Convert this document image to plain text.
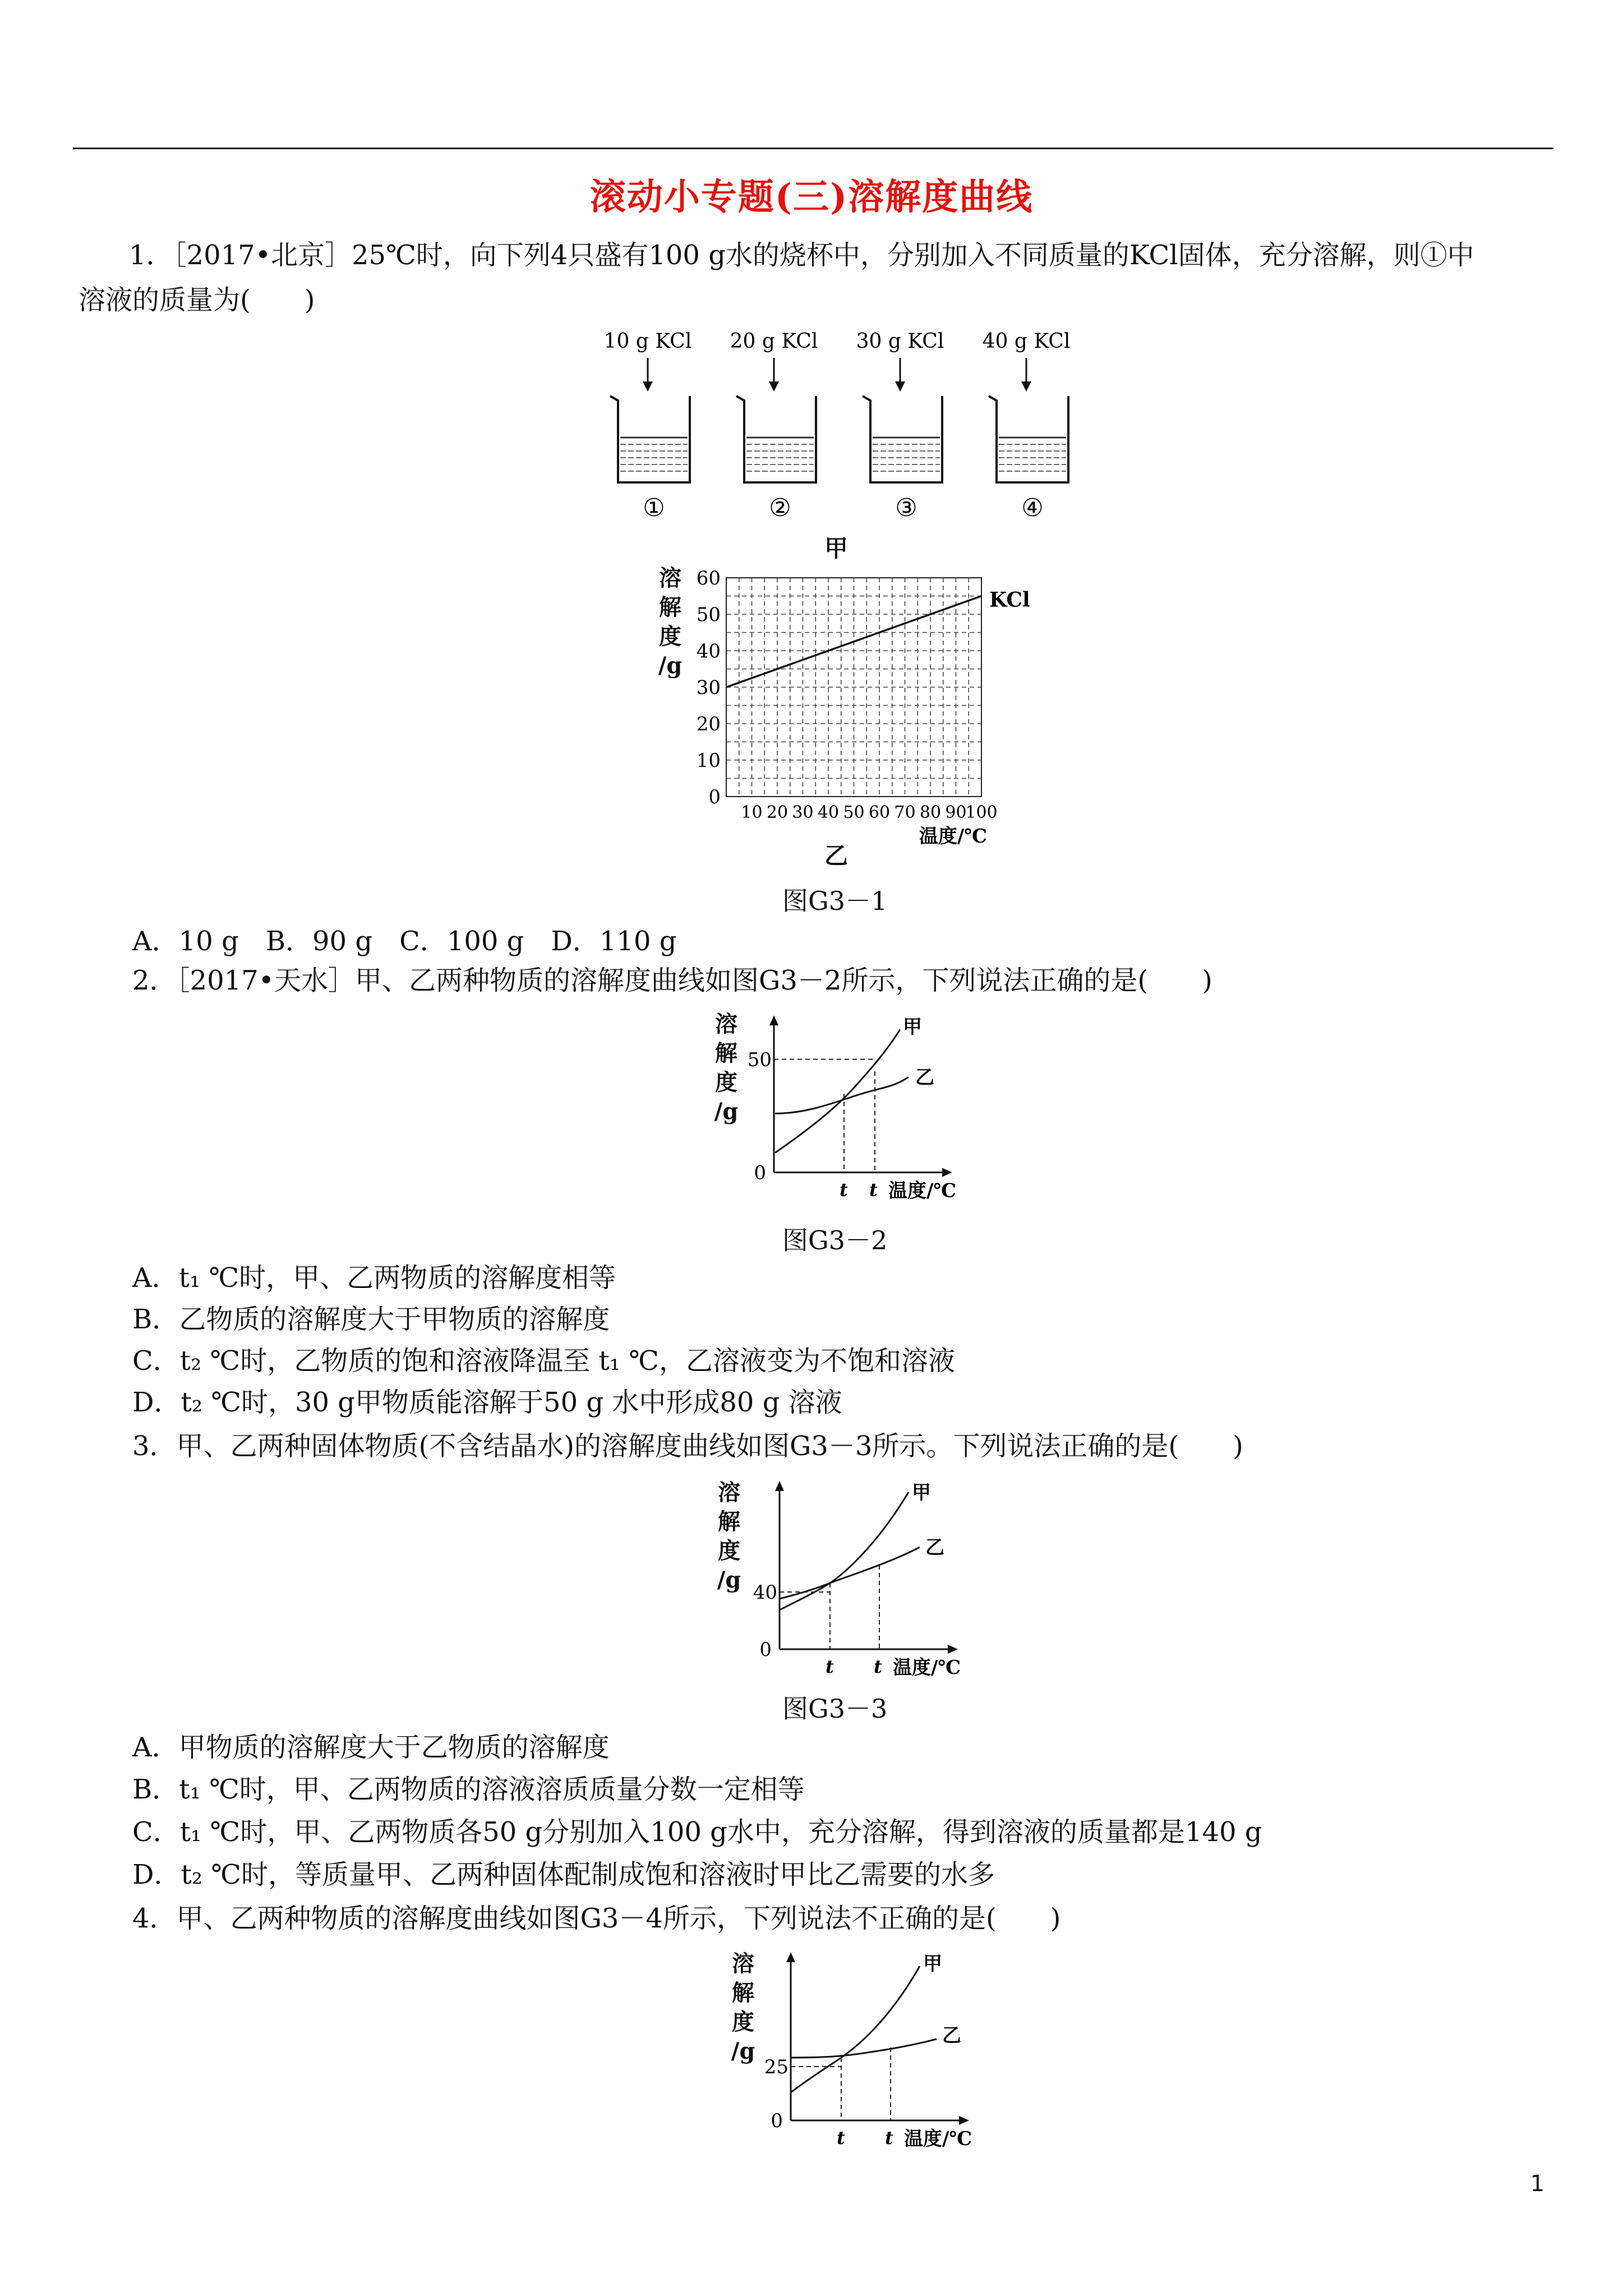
滚动小专题(三)溶解度曲线
1．［2017•北京］25℃时，向下列4只盛有100 g水的烧杯中，分别加入不同质量的KCl固体，充分溶解，则①中
溶液的质量为(　　)
10 g KCl
①
20 g KCl
②
30 g KCl
③
40 g KCl
④
甲
溶
解
度
/g
0
10
20
30
40
50
60
10 20 30 40 50 60 70 80 90
100
KCl
温度/℃
乙
图G3－1
A．10 g　B．90 g　C．100 g　D．110 g
2．［2017•天水］甲、乙两种物质的溶解度曲线如图G3－2所示，下列说法正确的是(　　)
溶
解
度
/g
0
50
t t 温度/℃
甲
乙
图G3－2
A．t₁ ℃时，甲、乙两物质的溶解度相等
B．乙物质的溶解度大于甲物质的溶解度
C．t₂ ℃时，乙物质的饱和溶液降温至 t₁ ℃，乙溶液变为不饱和溶液
D．t₂ ℃时，30 g甲物质能溶解于50 g 水中形成80 g 溶液
3．甲、乙两种固体物质(不含结晶水)的溶解度曲线如图G3－3所示。下列说法正确的是(　　)
溶
解
度
/g
0
40
t t 温度/℃
甲
乙
图G3－3
A．甲物质的溶解度大于乙物质的溶解度
B．t₁ ℃时，甲、乙两物质的溶液溶质质量分数一定相等
C．t₁ ℃时，甲、乙两物质各50 g分别加入100 g水中，充分溶解，得到溶液的质量都是140 g
D．t₂ ℃时，等质量甲、乙两种固体配制成饱和溶液时甲比乙需要的水多
4．甲、乙两种物质的溶解度曲线如图G3－4所示，下列说法不正确的是(　　)
溶
解
度
/g
0
25
t t 温度/℃
甲
乙
1
